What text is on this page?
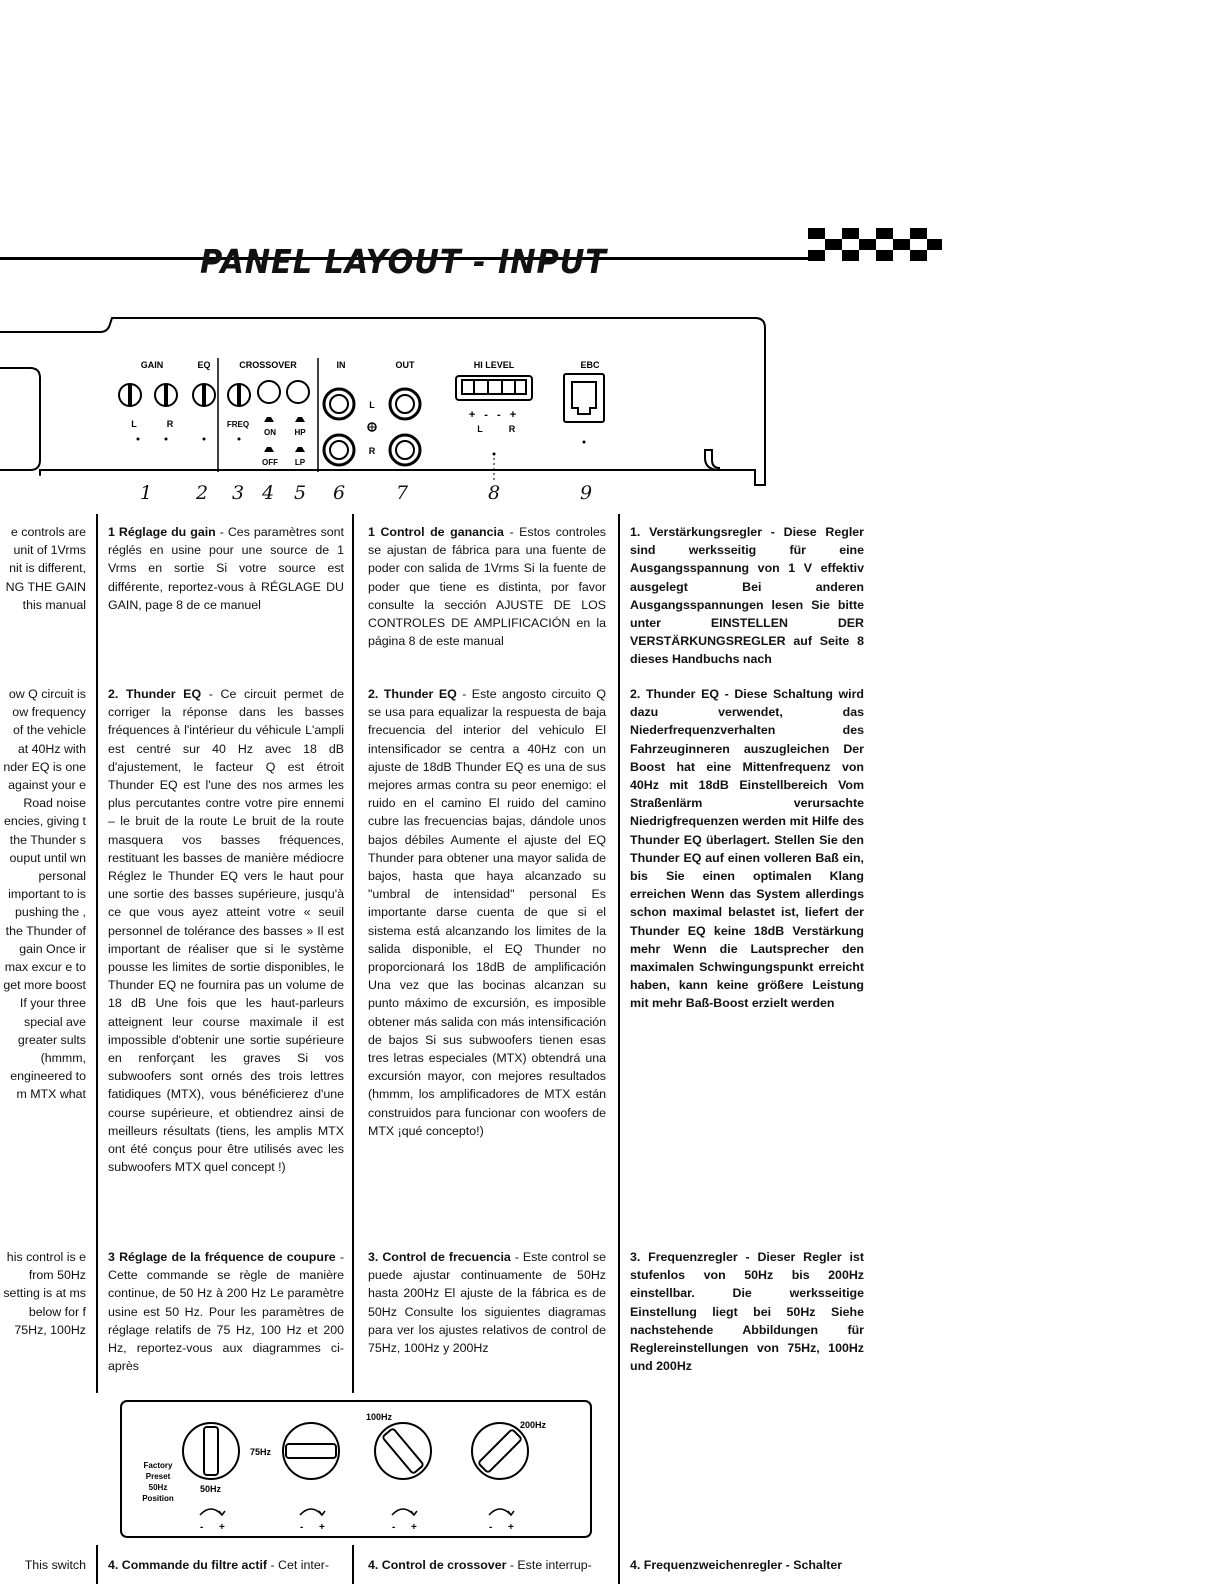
PANEL LAYOUT - INPUT
GAIN	EQ	CROSSOVER	IN	OUT	HI LEVEL	EBC
L	R	FREQ
ON
OFF
HP
LP
L
R
+ - - +
L	R
1 2 3 4 5 6	7	8	9

e controls are unit of 1Vrms nit is different, NG THE GAIN this manual

ow Q circuit is ow frequency of the vehicle at 40Hz with nder EQ is one against your e Road noise encies, giving t the Thunder s ouput until wn personal important to is pushing the , the Thunder of gain Once ir max excur e to get more boost If your three special ave greater sults (hmmm, engineered to m MTX what

his control is e from 50Hz setting is at ms below for f 75Hz, 100Hz

This switch

1 Réglage du gain - Ces paramètres sont réglés en usine pour une source de 1 Vrms en sortie Si votre source est différente, reportez-vous à RÉGLAGE DU GAIN, page 8 de ce manuel

2. Thunder EQ - Ce circuit permet de corriger la réponse dans les basses fréquences à l'intérieur du véhicule L'ampli est centré sur 40 Hz avec 18 dB d'ajustement, le facteur Q est étroit Thunder EQ est l'une des nos armes les plus percutantes contre votre pire ennemi – le bruit de la route Le bruit de la route masquera vos basses fréquences, restituant les basses de manière médiocre Réglez le Thunder EQ vers le haut pour une sortie des basses supérieure, jusqu'à ce que vous ayez atteint votre « seuil personnel de tolérance des basses » Il est important de réaliser que si le système pousse les limites de sortie disponibles, le Thunder EQ ne fournira pas un volume de 18 dB Une fois que les haut-parleurs atteignent leur course maximale il est impossible d'obtenir une sortie supérieure en renforçant les graves Si vos subwoofers sont ornés des trois lettres fatidiques (MTX), vous bénéficierez d'une course supérieure, et obtiendrez ainsi de meilleurs résultats (tiens, les amplis MTX ont été conçus pour être utilisés avec les subwoofers MTX quel concept !)

3 Réglage de la fréquence de coupure - Cette commande se règle de manière continue, de 50 Hz à 200 Hz Le paramètre usine est 50 Hz. Pour les paramètres de réglage relatifs de 75 Hz, 100 Hz et 200 Hz, reportez-vous aux diagrammes ci-après

4. Commande du filtre actif - Cet inter-

1 Control de ganancia - Estos controles se ajustan de fábrica para una fuente de poder con salida de 1Vrms Si la fuente de poder que tiene es distinta, por favor consulte la sección AJUSTE DE LOS CONTROLES DE AMPLIFICACIÓN en la página 8 de este manual

2. Thunder EQ - Este angosto circuito Q se usa para equalizar la respuesta de baja frecuencia del interior del vehiculo El intensificador se centra a 40Hz con un ajuste de 18dB Thunder EQ es una de sus mejores armas contra su peor enemigo: el ruido en el camino El ruido del camino cubre las frecuencias bajas, dándole unos bajos débiles Aumente el ajuste del EQ Thunder para obtener una mayor salida de bajos, hasta que haya alcanzado su "umbral de intensidad" personal Es importante darse cuenta de que si el sistema está alcanzando los limites de la salida disponible, el EQ Thunder no proporcionará los 18dB de amplificación Una vez que las bocinas alcanzan su punto máximo de excursión, es imposible obtener más salida con más intensificación de bajos Si sus subwoofers tienen esas tres letras especiales (MTX) obtendrá una excursión mayor, con mejores resultados (hmmm, los amplificadores de MTX están construidos para funcionar con woofers de MTX ¡qué concepto!)

3. Control de frecuencia - Este control se puede ajustar continuamente de 50Hz hasta 200Hz El ajuste de la fábrica es de 50Hz Consulte los siguientes diagramas para ver los ajustes relativos de control de 75Hz, 100Hz y 200Hz

4. Control de crossover - Este interrup-

1. Verstärkungsregler - Diese Regler sind werksseitig für eine Ausgangsspannung von 1 V effektiv ausgelegt Bei anderen Ausgangsspannungen lesen Sie bitte unter EINSTELLEN DER VERSTÄRKUNGSREGLER auf Seite 8 dieses Handbuchs nach

2. Thunder EQ - Diese Schaltung wird dazu verwendet, das Niederfrequenzverhalten des Fahrzeuginneren auszugleichen Der Boost hat eine Mittenfrequenz von 40Hz mit 18dB Einstellbereich Vom Straßenlärm verursachte Niedrigfrequenzen werden mit Hilfe des Thunder EQ überlagert. Stellen Sie den Thunder EQ auf einen volleren Baß ein, bis Sie einen optimalen Klang erreichen Wenn das System allerdings schon maximal belastet ist, liefert der Thunder EQ keine 18dB Verstärkung mehr Wenn die Lautsprecher den maximalen Schwingungspunkt erreicht haben, kann keine größere Leistung mit mehr Baß-Boost erzielt werden

3. Frequenzregler - Dieser Regler ist stufenlos von 50Hz bis 200Hz einstellbar. Die werksseitige Einstellung liegt bei 50Hz Siehe nachstehende Abbildungen für Reglereinstellungen von 75Hz, 100Hz und 200Hz

4. Frequenzweichenregler - Schalter

Factory
Preset
50Hz
Position
50Hz
75Hz
100Hz
200Hz
- +	- +	- +	- +
